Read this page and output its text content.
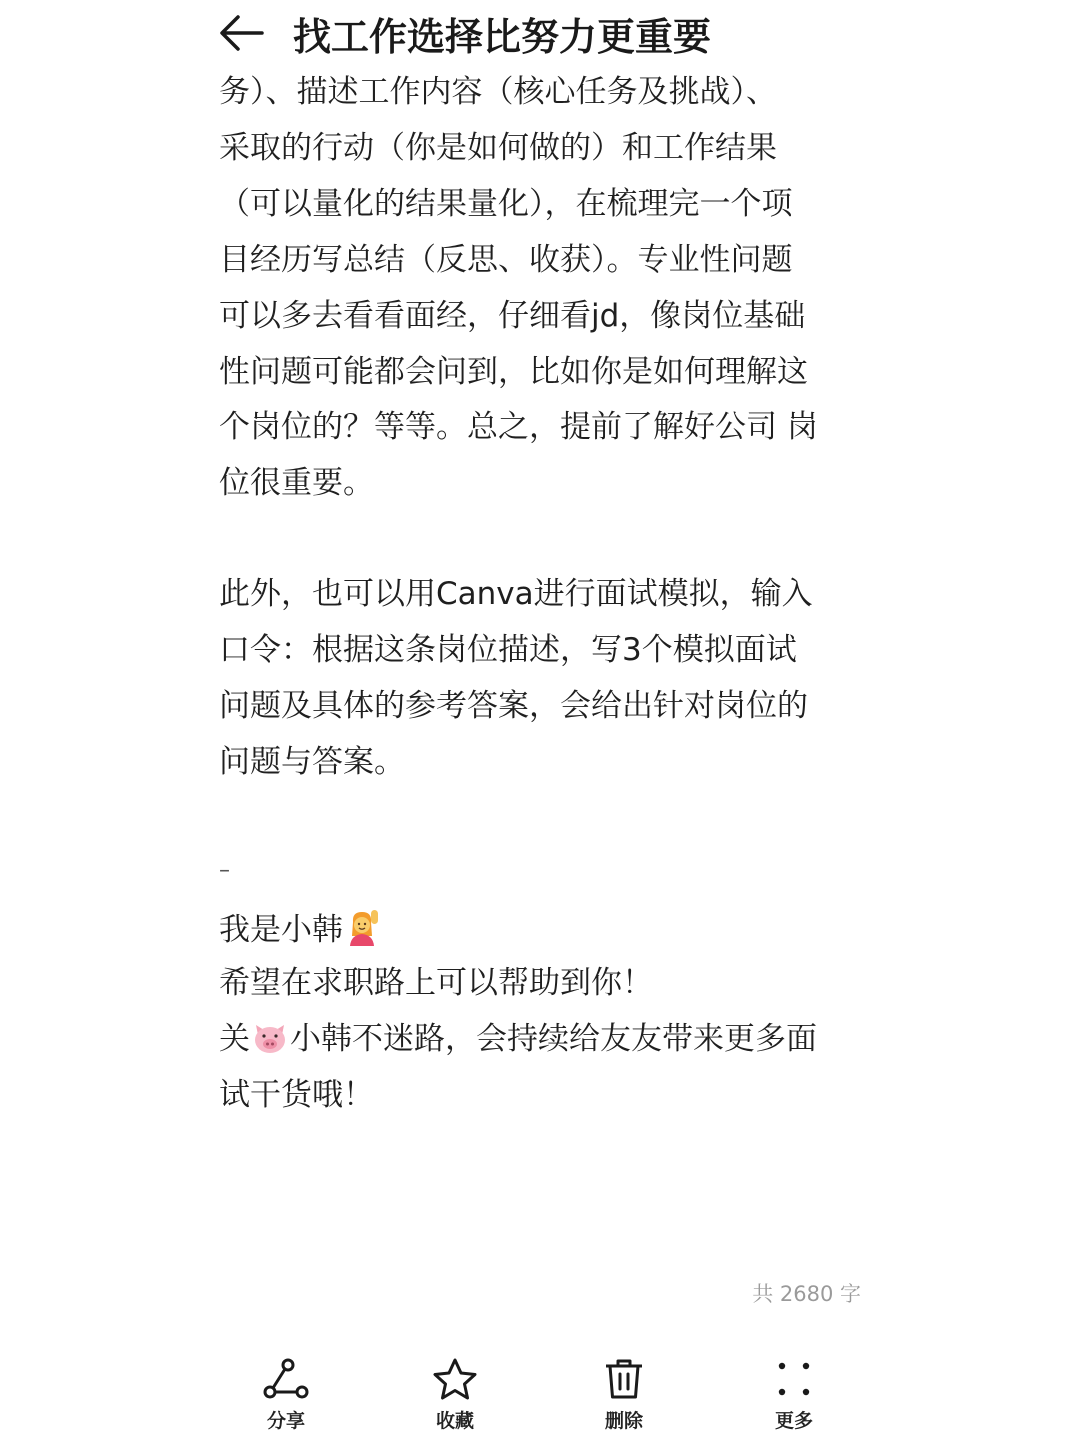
找工作选择比努力更重要
务）、描述工作内容（核心任务及挑战）、
采取的行动（你是如何做的）和工作结果
（可以量化的结果量化），在梳理完一个项
目经历写总结（反思、收获）。专业性问题
可以多去看看面经，仔细看jd，像岗位基础
性问题可能都会问到，比如你是如何理解这
个岗位的？等等。总之，提前了解好公司 岗
位很重要。
此外，也可以用Canva进行面试模拟，输入
口令：根据这条岗位描述，写3个模拟面试
问题及具体的参考答案，会给出针对岗位的
问题与答案。
–
我是小韩
希望在求职路上可以帮助到你！
关 小韩不迷路，会持续给友友带来更多面
试干货哦！
共 2680 字
分享	收藏	删除	更多
